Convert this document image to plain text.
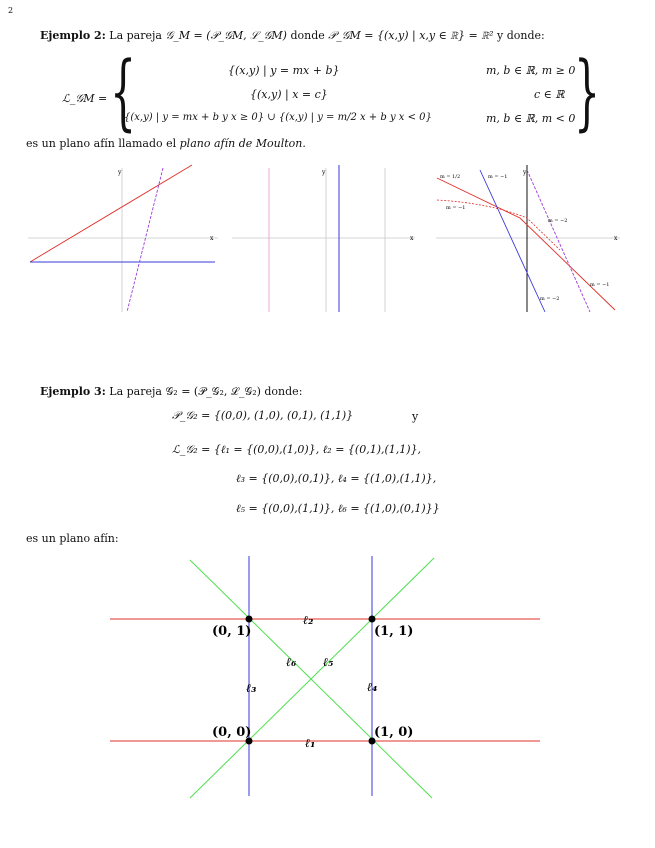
2
Ejemplo 2: La pareja 𝒢_M = (𝒫_𝒢M, ℒ_𝒢M) donde 𝒫_𝒢M = {(x,y) | x,y ∈ ℝ} = ℝ² y donde:
ℒ_𝒢M = {	}
{(x,y) | y = mx + b}	m, b ∈ ℝ, m ≥ 0
{(x,y) | x = c}	c ∈ ℝ
{(x,y) | y = mx + b y x ≥ 0} ∪ {(x,y) | y = m/2 x + b y x < 0}	m, b ∈ ℝ, m < 0
es un plano afín llamado el plano afín de Moulton.
x
y
x
y
x
y
m = 1/2	m = −1
m = −1
m = −2
m = −2
m = −1
Ejemplo 3: La pareja 𝒢₂ = (𝒫_𝒢₂, ℒ_𝒢₂) donde:
𝒫_𝒢₂ = {(0,0), (1,0), (0,1), (1,1)}	y
ℒ_𝒢₂ = {ℓ₁ = {(0,0),(1,0)}, ℓ₂ = {(0,1),(1,1)},
ℓ₃ = {(0,0),(0,1)}, ℓ₄ = {(1,0),(1,1)},
ℓ₅ = {(0,0),(1,1)}, ℓ₆ = {(1,0),(0,1)}}
es un plano afín:
(0, 1)	(1, 1)
(0, 0)	(1, 0)
ℓ₂
ℓ₆ ℓ₅
ℓ₃	ℓ₄
ℓ₁
